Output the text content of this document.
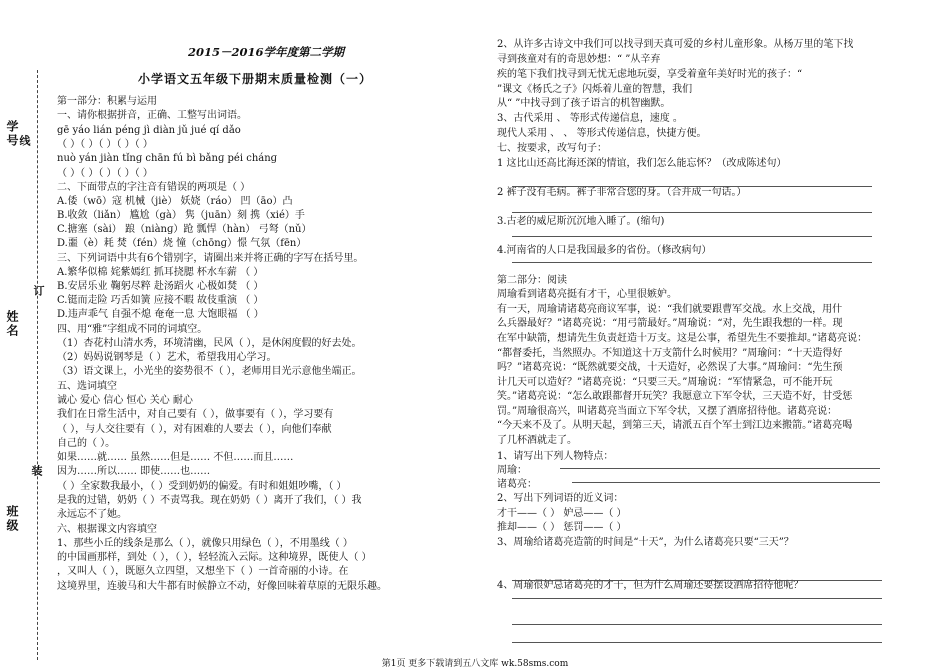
学号 线
姓名
订
装
班级
2015－2016学年度第二学期
小学语文五年级下册期末质量检测（一）
第一部分：积累与运用
一、请你根据拼音，正确、工整写出词语。
gē yáo lián pénɡ jì diàn jǔ jué qí dǎo
（ ）（ ）（ ）（ ）（ ）
nuò yán jiàn tǐnɡ chān fú bì bǎnɡ péi chánɡ
（ ）（ ）（ ）（ ）（ ）
二、下面带点的字注音有错误的两项是（ ）
A.倭（wō）寇 机械（jiè） 妖娆（ráo） 凹（āo）凸
B.收敛（liǎn） 尴尬（gà） 隽（juān）刻 携（xié）手
C.搪塞（sài） 踉（niànɡ）跄 瓢悍（hàn） 弓弩（nǔ）
D.噩（è）耗 焚（fén）烧 憧（chōnɡ）憬 气氛（fēn）
三、下列词语中共有6个错别字，请圈出来并将正确的字写在括号里。
A.繁华似棉 姹紫嫣红 抓耳挠腮 杯水车薪 （ ）
B.安居乐业 鞠躬尽粹 赴汤蹈火 心极如焚 （ ）
C.铤而走险 巧舌如簧 应接不暇 故伎重演 （ ）
D.违声乖气 自强不熄 奄奄一息 大饱眼福 （ ）
四、用“雅”字组成不同的词填空。
（1）杏花村山清水秀，环境清幽，民风（ ），是休闲度假的好去处。
（2）妈妈说钢琴是（ ）艺术，希望我用心学习。
（3）语文课上，小光坐的姿势很不（ ），老师用目光示意他坐端正。
五、选词填空
诚心 爱心 信心 恒心 关心 耐心
我们在日常生活中，对自己要有（ ），做事要有（ ），学习要有
（ ），与人交往要有（ ），对有困难的人要去（ ），向他们奉献
自己的（ ）。
如果……就…… 虽然……但是…… 不但……而且……
因为……所以…… 即使……也……
（ ）全家数我最小，（ ）受到奶奶的偏爱。有时和姐姐吵嘴，（ ）
是我的过错，奶奶（ ）不责骂我。现在奶奶（ ）离开了我们，（ ）我
永远忘不了她。
六、根据课文内容填空
1、那些小丘的线条是那么（ ），就像只用绿色（ ），不用墨线（ ）
的中国画那样，到处（ ），（ ），轻轻流入云际。这种境界，既使人（ ）
，又叫人（ ），既愿久立四望，又想坐下（ ）一首奇丽的小诗。在
这境界里，连骏马和大牛都有时候静立不动，好像回味着草原的无限乐趣。
2、从许多古诗文中我们可以找寻到天真可爱的乡村儿童形象。从杨万里的笔下找
寻到孩童对有的奇思妙想：“ ”从辛弃
疾的笔下我们找寻到无忧无虑地玩耍，享受着童年美好时光的孩子：“
”课文《杨氏之子》闪烁着儿童的智慧，我们
从“ ”中找寻到了孩子语言的机智幽默。
3、古代采用 、 等形式传递信息，速度 。
现代人采用 、 、 等形式传递信息，快捷方便。
七、按要求，改写句子：
1 这比山还高比海还深的情谊，我们怎么能忘怀？（改成陈述句）
2 裤子没有毛病。裤子非常合您的身。（合并成一句话。）
3.古老的威尼斯沉沉地入睡了。(缩句)
4.河南省的人口是我国最多的省份。（修改病句）
第二部分：阅读
周瑜看到诸葛亮挺有才干，心里很嫉妒。
有一天，周瑜请诸葛亮商议军事，说：“我们就要跟曹军交战。水上交战，用什
么兵器最好？”诸葛亮说：“用弓箭最好。”周瑜说：“对，先生跟我想的一样。现
在军中缺箭，想请先生负责赶造十万支。这是公事，希望先生不要推却。”诸葛亮说：
“都督委托，当然照办。不知道这十万支箭什么时候用？”周瑜问：“十天造得好
吗？”诸葛亮说：“既然就要交战，十天造好，必然误了大事。”周瑜问：“先生预
计几天可以造好？”诸葛亮说：“只要三天。”周瑜说：“军情紧急，可不能开玩
笑。”诸葛亮说：“怎么敢跟都督开玩笑？我愿意立下军令状，三天造不好，甘受惩
罚。”周瑜很高兴，叫诸葛亮当面立下军令状，又摆了酒席招待他。诸葛亮说：
“今天来不及了。从明天起，到第三天，请派五百个军士到江边来搬箭。”诸葛亮喝
了几杯酒就走了。
1、请写出下列人物特点：
周瑜：
诸葛亮：
2、写出下列词语的近义词：
才干——（ ） 妒忌——（ ）
推却——（ ） 惩罚——（ ）
3、周瑜给诸葛亮造箭的时间是“十天”，为什么诸葛亮只要“三天”？
4、周瑜很妒忌诸葛亮的才干，但为什么周瑜还要摆设酒席招待他呢？
第1页 更多下载请到五八文库 wk.58sms.com
